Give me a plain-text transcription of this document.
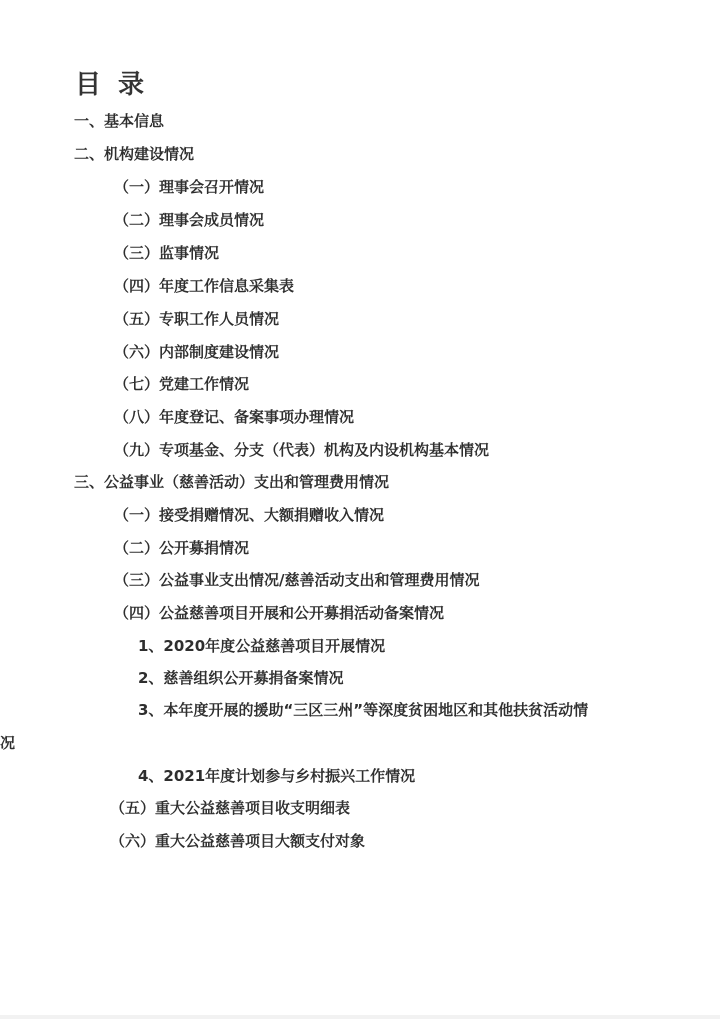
目 录
一、基本信息
二、机构建设情况
（一）理事会召开情况
（二）理事会成员情况
（三）监事情况
（四）年度工作信息采集表
（五）专职工作人员情况
（六）内部制度建设情况
（七）党建工作情况
（八）年度登记、备案事项办理情况
（九）专项基金、分支（代表）机构及内设机构基本情况
三、公益事业（慈善活动）支出和管理费用情况
（一）接受捐赠情况、大额捐赠收入情况
（二）公开募捐情况
（三）公益事业支出情况/慈善活动支出和管理费用情况
（四）公益慈善项目开展和公开募捐活动备案情况
1、2020年度公益慈善项目开展情况
2、慈善组织公开募捐备案情况
3、本年度开展的援助“三区三州”等深度贫困地区和其他扶贫活动情
况
4、2021年度计划参与乡村振兴工作情况
（五）重大公益慈善项目收支明细表
（六）重大公益慈善项目大额支付对象
